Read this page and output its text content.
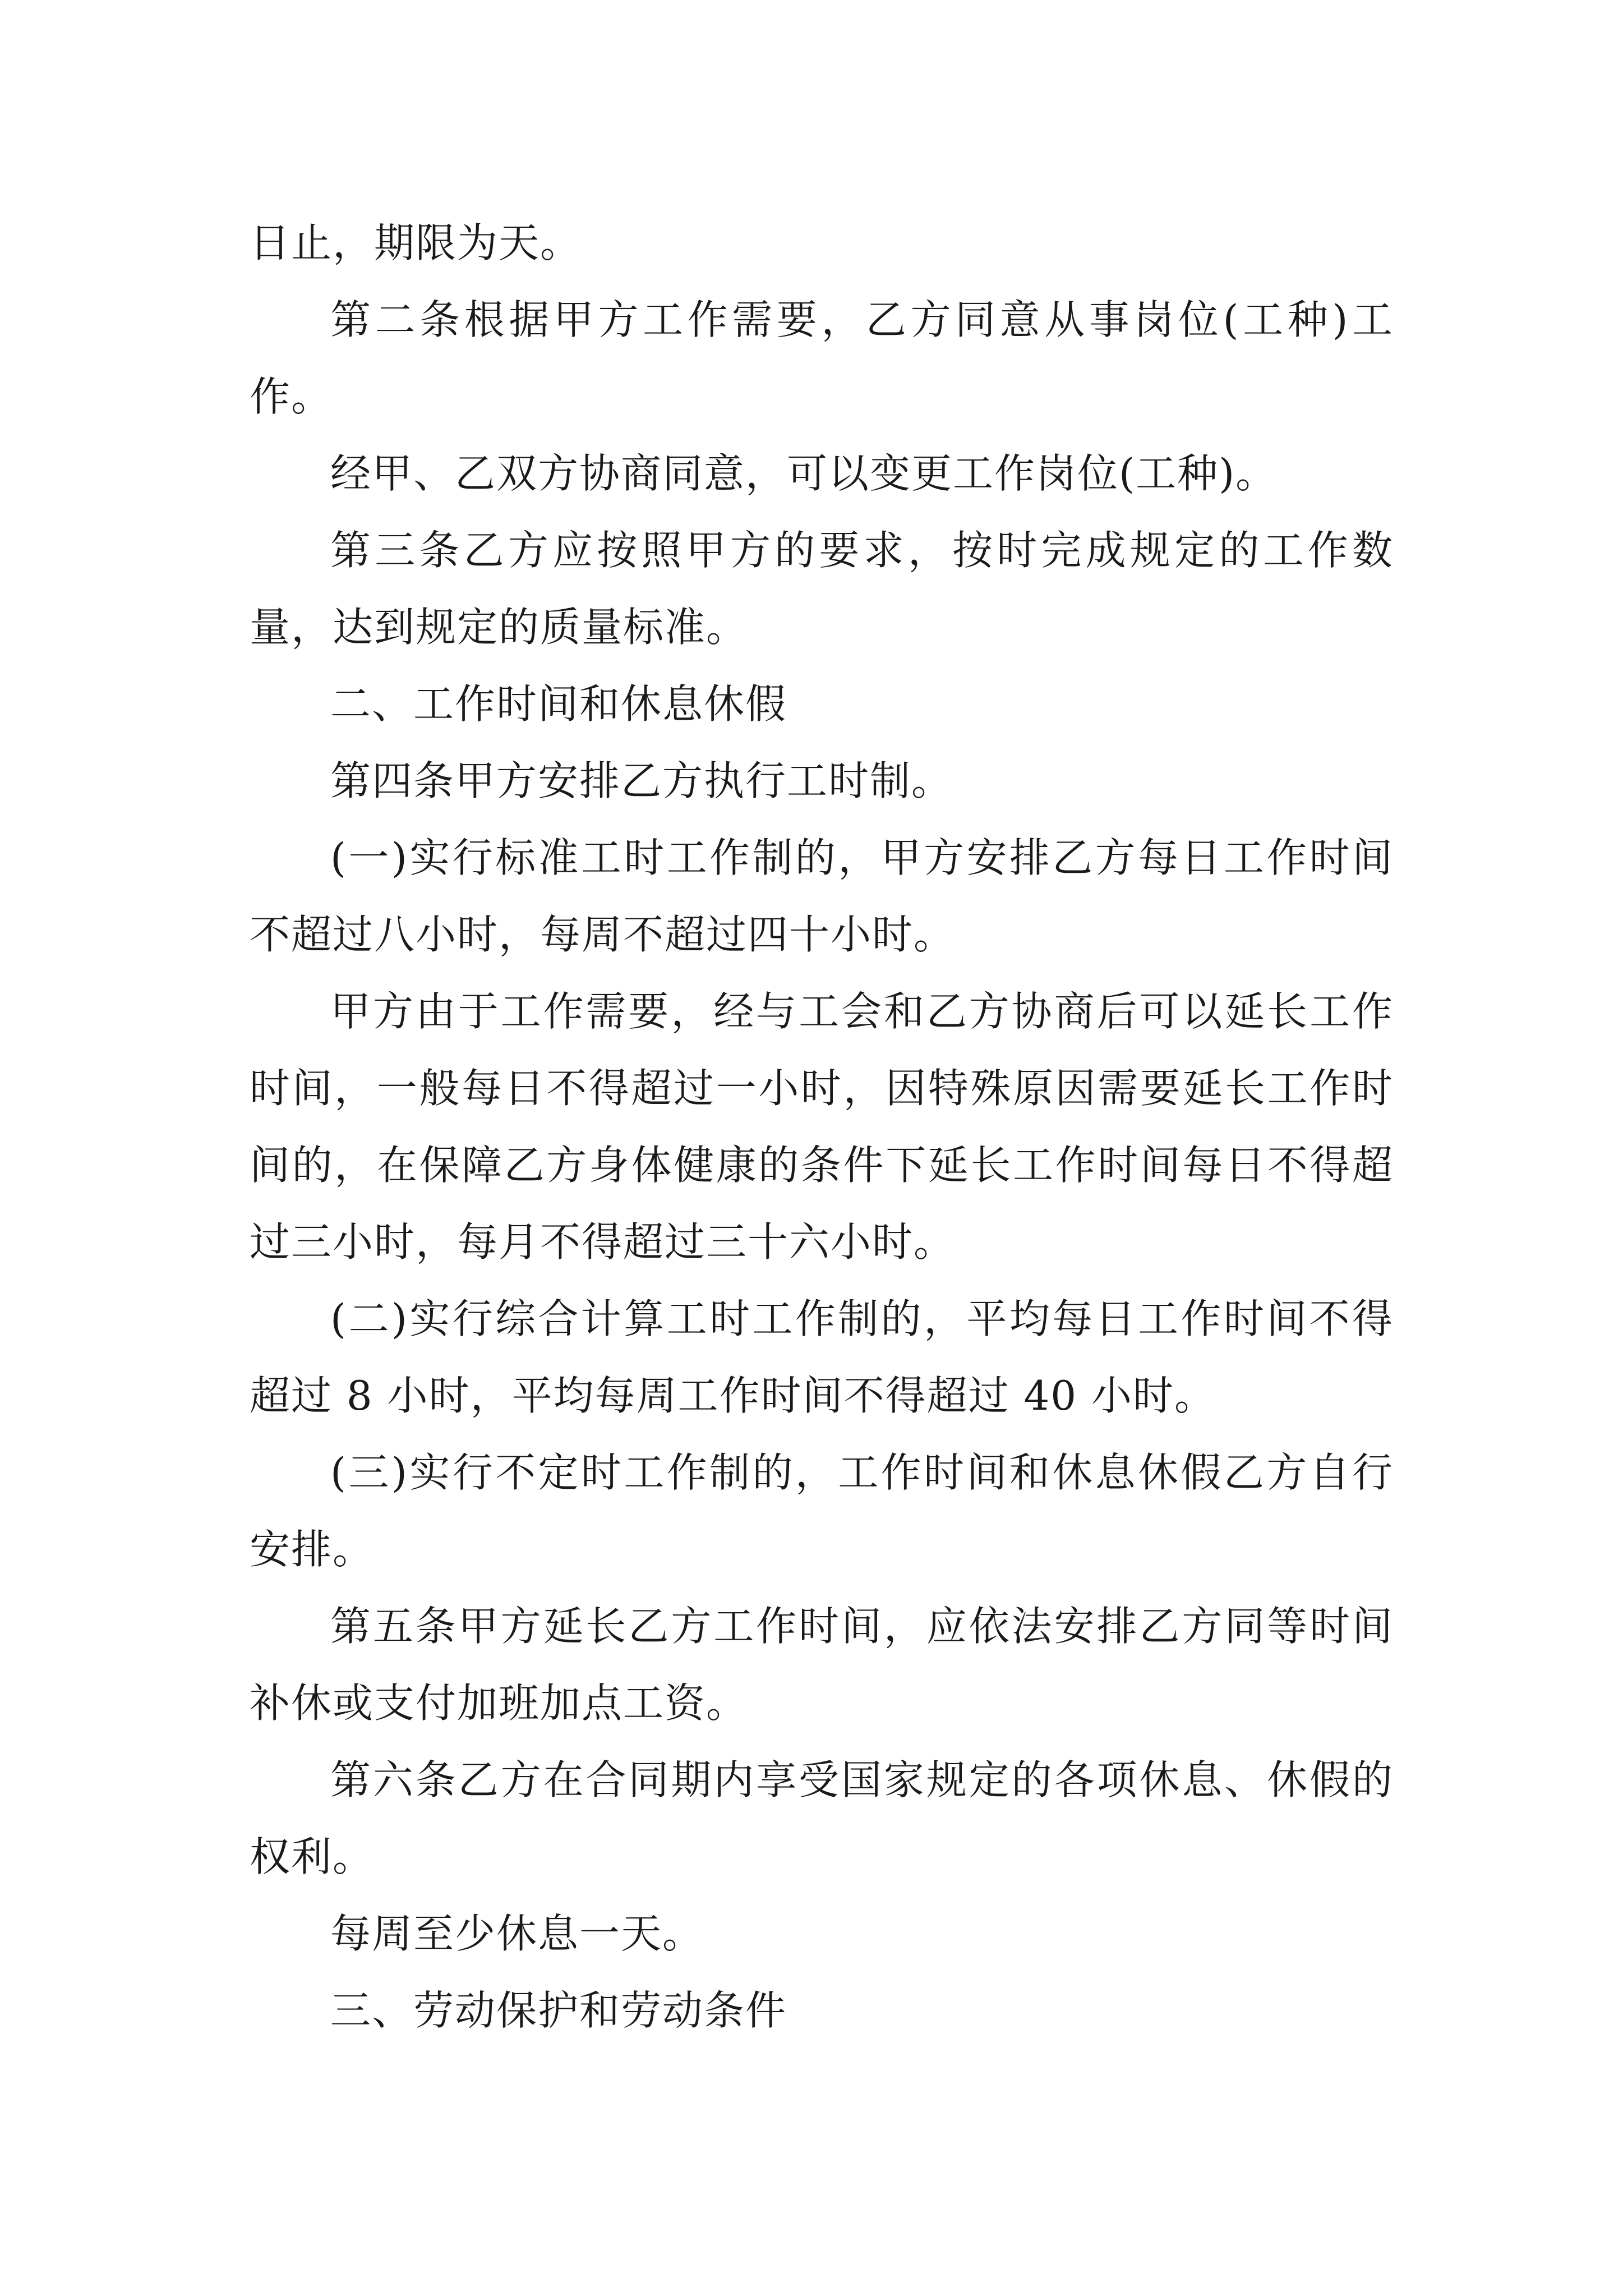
日止，期限为天。

第二条根据甲方工作需要，乙方同意从事岗位(工种)工作。

经甲、乙双方协商同意，可以变更工作岗位(工种)。

第三条乙方应按照甲方的要求，按时完成规定的工作数量，达到规定的质量标准。

二、工作时间和休息休假

第四条甲方安排乙方执行工时制。

(一)实行标准工时工作制的，甲方安排乙方每日工作时间不超过八小时，每周不超过四十小时。

甲方由于工作需要，经与工会和乙方协商后可以延长工作时间，一般每日不得超过一小时，因特殊原因需要延长工作时间的，在保障乙方身体健康的条件下延长工作时间每日不得超过三小时，每月不得超过三十六小时。

(二)实行综合计算工时工作制的，平均每日工作时间不得超过 8 小时，平均每周工作时间不得超过 40 小时。

(三)实行不定时工作制的，工作时间和休息休假乙方自行安排。

第五条甲方延长乙方工作时间，应依法安排乙方同等时间补休或支付加班加点工资。

第六条乙方在合同期内享受国家规定的各项休息、休假的权利。

每周至少休息一天。

三、劳动保护和劳动条件
